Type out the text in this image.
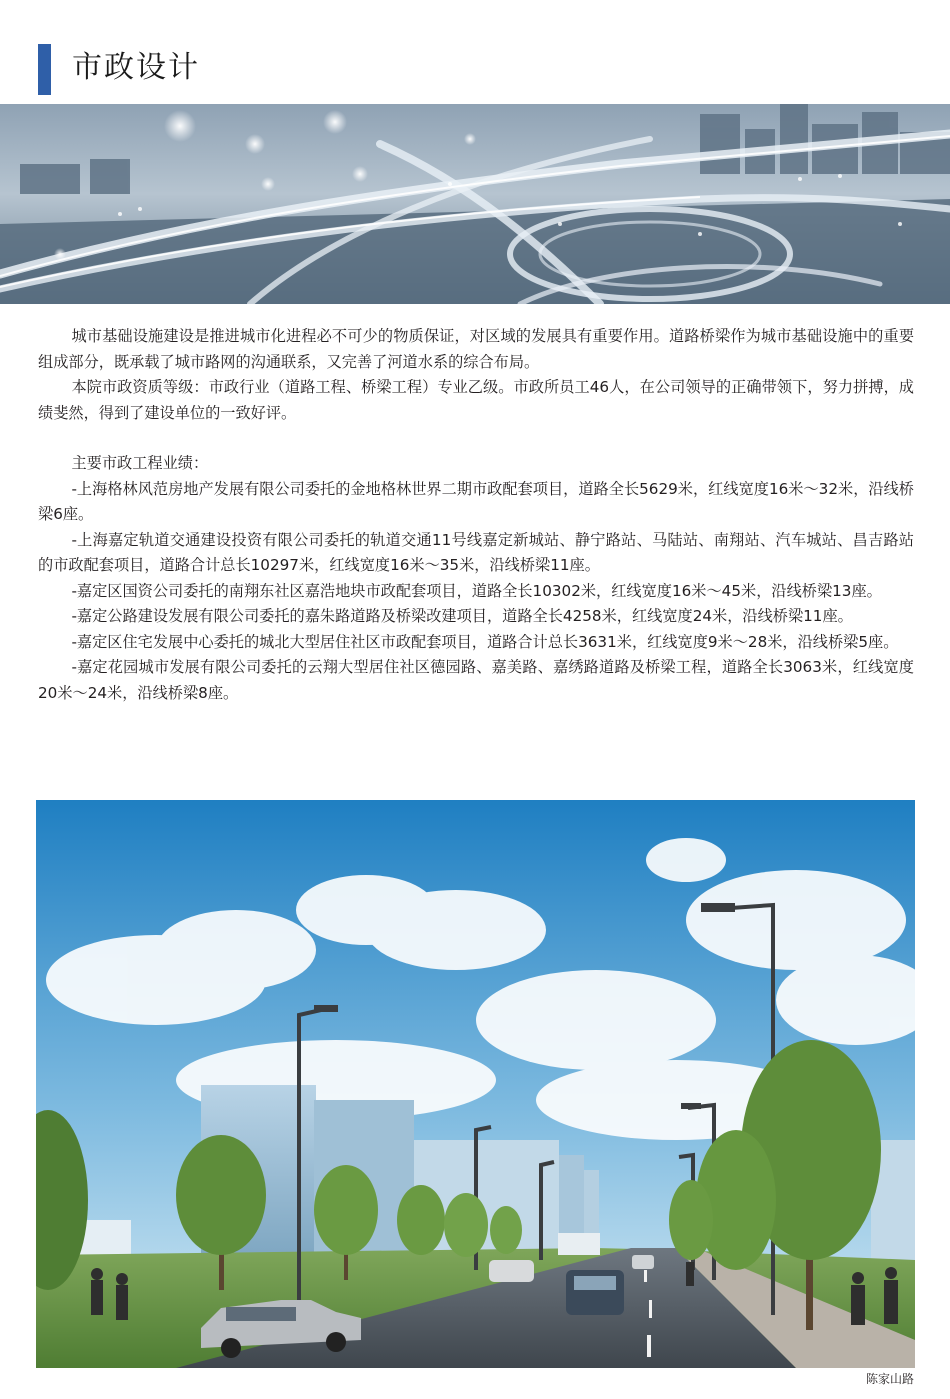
市政设计

城市基础设施建设是推进城市化进程必不可少的物质保证，对区域的发展具有重要作用。道路桥梁作为城市基础设施中的重要组成部分，既承载了城市路网的沟通联系，又完善了河道水系的综合布局。

本院市政资质等级：市政行业（道路工程、桥梁工程）专业乙级。市政所员工46人，在公司领导的正确带领下，努力拼搏，成绩斐然，得到了建设单位的一致好评。

主要市政工程业绩：

-上海格林风范房地产发展有限公司委托的金地格林世界二期市政配套项目，道路全长5629米，红线宽度16米～32米，沿线桥梁6座。

-上海嘉定轨道交通建设投资有限公司委托的轨道交通11号线嘉定新城站、静宁路站、马陆站、南翔站、汽车城站、昌吉路站的市政配套项目，道路合计总长10297米，红线宽度16米～35米，沿线桥梁11座。

-嘉定区国资公司委托的南翔东社区嘉浩地块市政配套项目，道路全长10302米，红线宽度16米～45米，沿线桥梁13座。

-嘉定公路建设发展有限公司委托的嘉朱路道路及桥梁改建项目，道路全长4258米，红线宽度24米，沿线桥梁11座。

-嘉定区住宅发展中心委托的城北大型居住社区市政配套项目，道路合计总长3631米，红线宽度9米～28米，沿线桥梁5座。

-嘉定花园城市发展有限公司委托的云翔大型居住社区德园路、嘉美路、嘉绣路道路及桥梁工程，道路全长3063米，红线宽度20米～24米，沿线桥梁8座。

陈家山路
